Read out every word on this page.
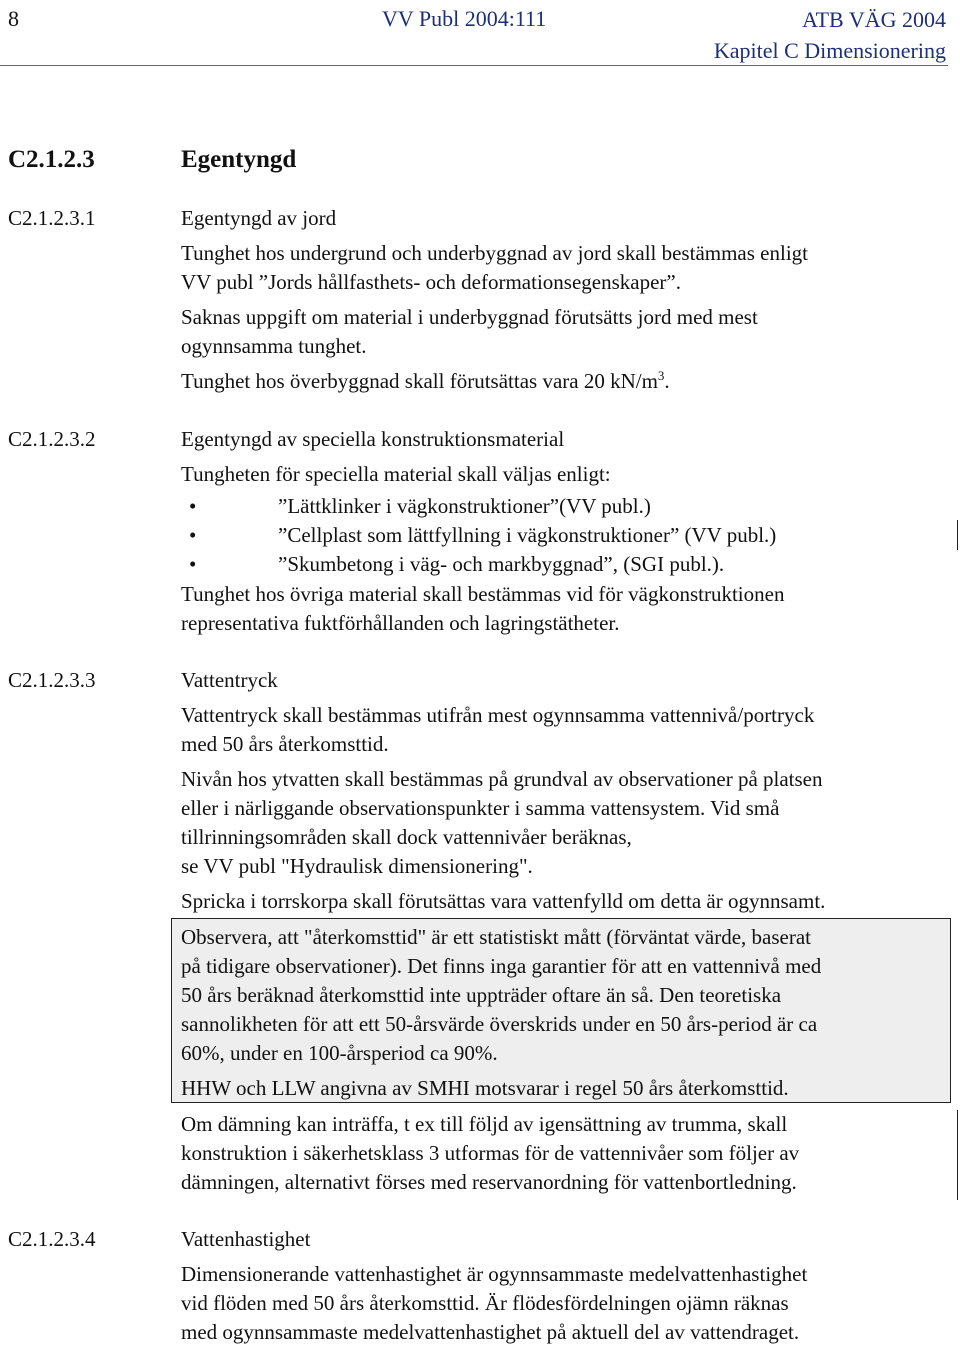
8	VV Publ 2004:111	ATB VÄG 2004
Kapitel C Dimensionering
C2.1.2.3	Egentyngd
C2.1.2.3.1	Egentyngd av jord
Tunghet hos undergrund och underbyggnad av jord skall bestämmas enligt
VV publ ”Jords hållfasthets- och deformationsegenskaper”.
Saknas uppgift om material i underbyggnad förutsätts jord med mest
ogynnsamma tunghet.
Tunghet hos överbyggnad skall förutsättas vara 20 $kN/m^3$.
C2.1.2.3.2	Egentyngd av speciella konstruktionsmaterial
Tungheten för speciella material skall väljas enligt:
•	”Lättklinker i vägkonstruktioner”(VV publ.)
•	”Cellplast som lättfyllning i vägkonstruktioner” (VV publ.)
•	”Skumbetong i väg- och markbyggnad”, (SGI publ.).
Tunghet hos övriga material skall bestämmas vid för vägkonstruktionen
representativa fuktförhållanden och lagringstätheter.
C2.1.2.3.3	Vattentryck
Vattentryck skall bestämmas utifrån mest ogynnsamma vattennivå/portryck
med 50 års återkomsttid.
Nivån hos ytvatten skall bestämmas på grundval av observationer på platsen
eller i närliggande observationspunkter i samma vattensystem. Vid små
tillrinningsområden skall dock vattennivåer beräknas,
se VV publ "Hydraulisk dimensionering".
Spricka i torrskorpa skall förutsättas vara vattenfylld om detta är ogynnsamt.
Observera, att "återkomsttid" är ett statistiskt mått (förväntat värde, baserat
på tidigare observationer). Det finns inga garantier för att en vattennivå med
50 års beräknad återkomsttid inte uppträder oftare än så. Den teoretiska
sannolikheten för att ett 50-årsvärde överskrids under en 50 års-period är ca
60%, under en 100-årsperiod ca 90%.
HHW och LLW angivna av SMHI motsvarar i regel 50 års återkomsttid.
Om dämning kan inträffa, t ex till följd av igensättning av trumma, skall
konstruktion i säkerhetsklass 3 utformas för de vattennivåer som följer av
dämningen, alternativt förses med reservanordning för vattenbortledning.
C2.1.2.3.4	Vattenhastighet
Dimensionerande vattenhastighet är ogynnsammaste medelvattenhastighet
vid flöden med 50 års återkomsttid. Är flödesfördelningen ojämn räknas
med ogynnsammaste medelvattenhastighet på aktuell del av vattendraget.
